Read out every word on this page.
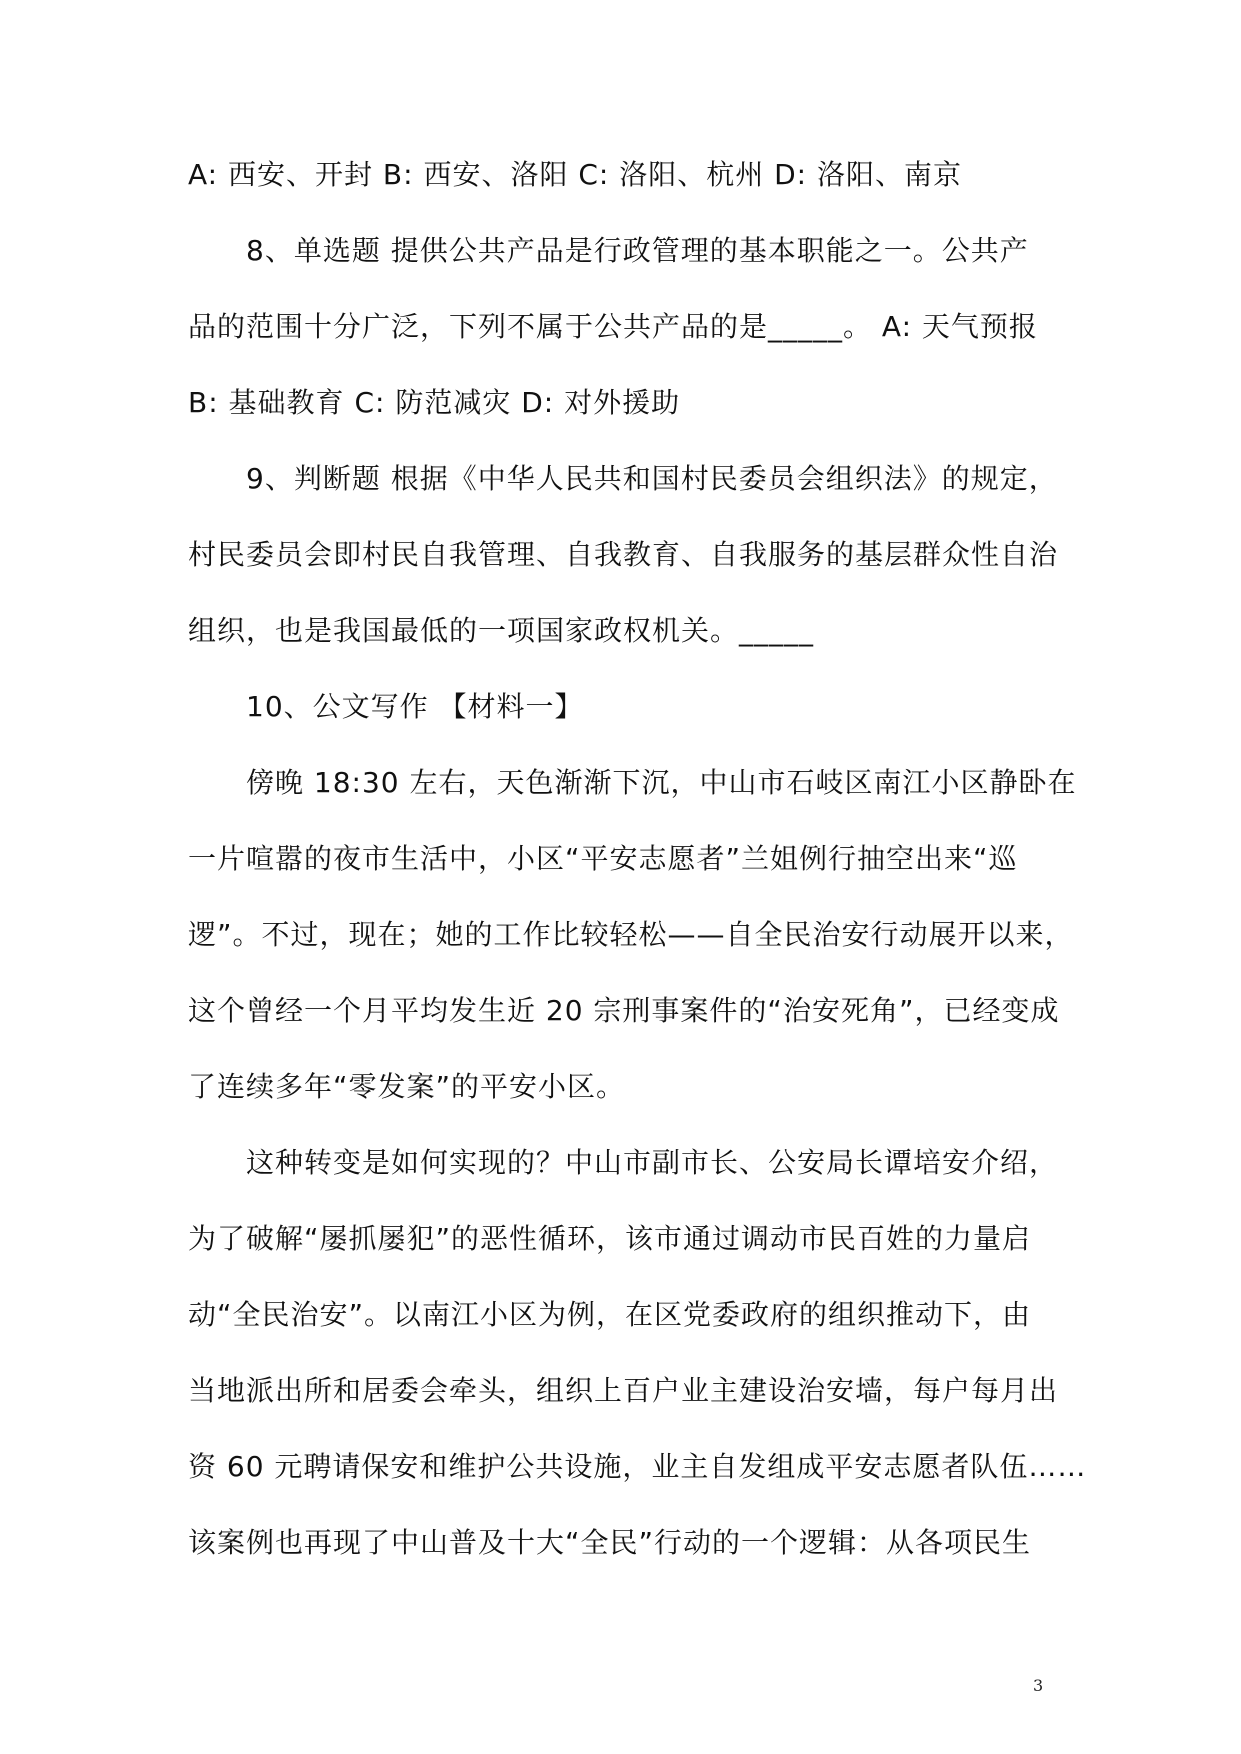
A: 西安、开封 B: 西安、洛阳 C: 洛阳、杭州 D: 洛阳、南京
8、单选题 提供公共产品是行政管理的基本职能之一。公共产
品的范围十分广泛，下列不属于公共产品的是_____。 A: 天气预报
B: 基础教育 C: 防范减灾 D: 对外援助
9、判断题 根据《中华人民共和国村民委员会组织法》的规定，
村民委员会即村民自我管理、自我教育、自我服务的基层群众性自治
组织，也是我国最低的一项国家政权机关。_____
10、公文写作 【材料一】
傍晚 18:30 左右，天色渐渐下沉，中山市石岐区南江小区静卧在
一片喧嚣的夜市生活中，小区“平安志愿者”兰姐例行抽空出来“巡
逻”。不过，现在；她的工作比较轻松——自全民治安行动展开以来，
这个曾经一个月平均发生近 20 宗刑事案件的“治安死角”，已经变成
了连续多年“零发案”的平安小区。
这种转变是如何实现的？中山市副市长、公安局长谭培安介绍，
为了破解“屡抓屡犯”的恶性循环，该市通过调动市民百姓的力量启
动“全民治安”。以南江小区为例，在区党委政府的组织推动下，由
当地派出所和居委会牵头，组织上百户业主建设治安墙，每户每月出
资 60 元聘请保安和维护公共设施，业主自发组成平安志愿者队伍……
该案例也再现了中山普及十大“全民”行动的一个逻辑：从各项民生
3
